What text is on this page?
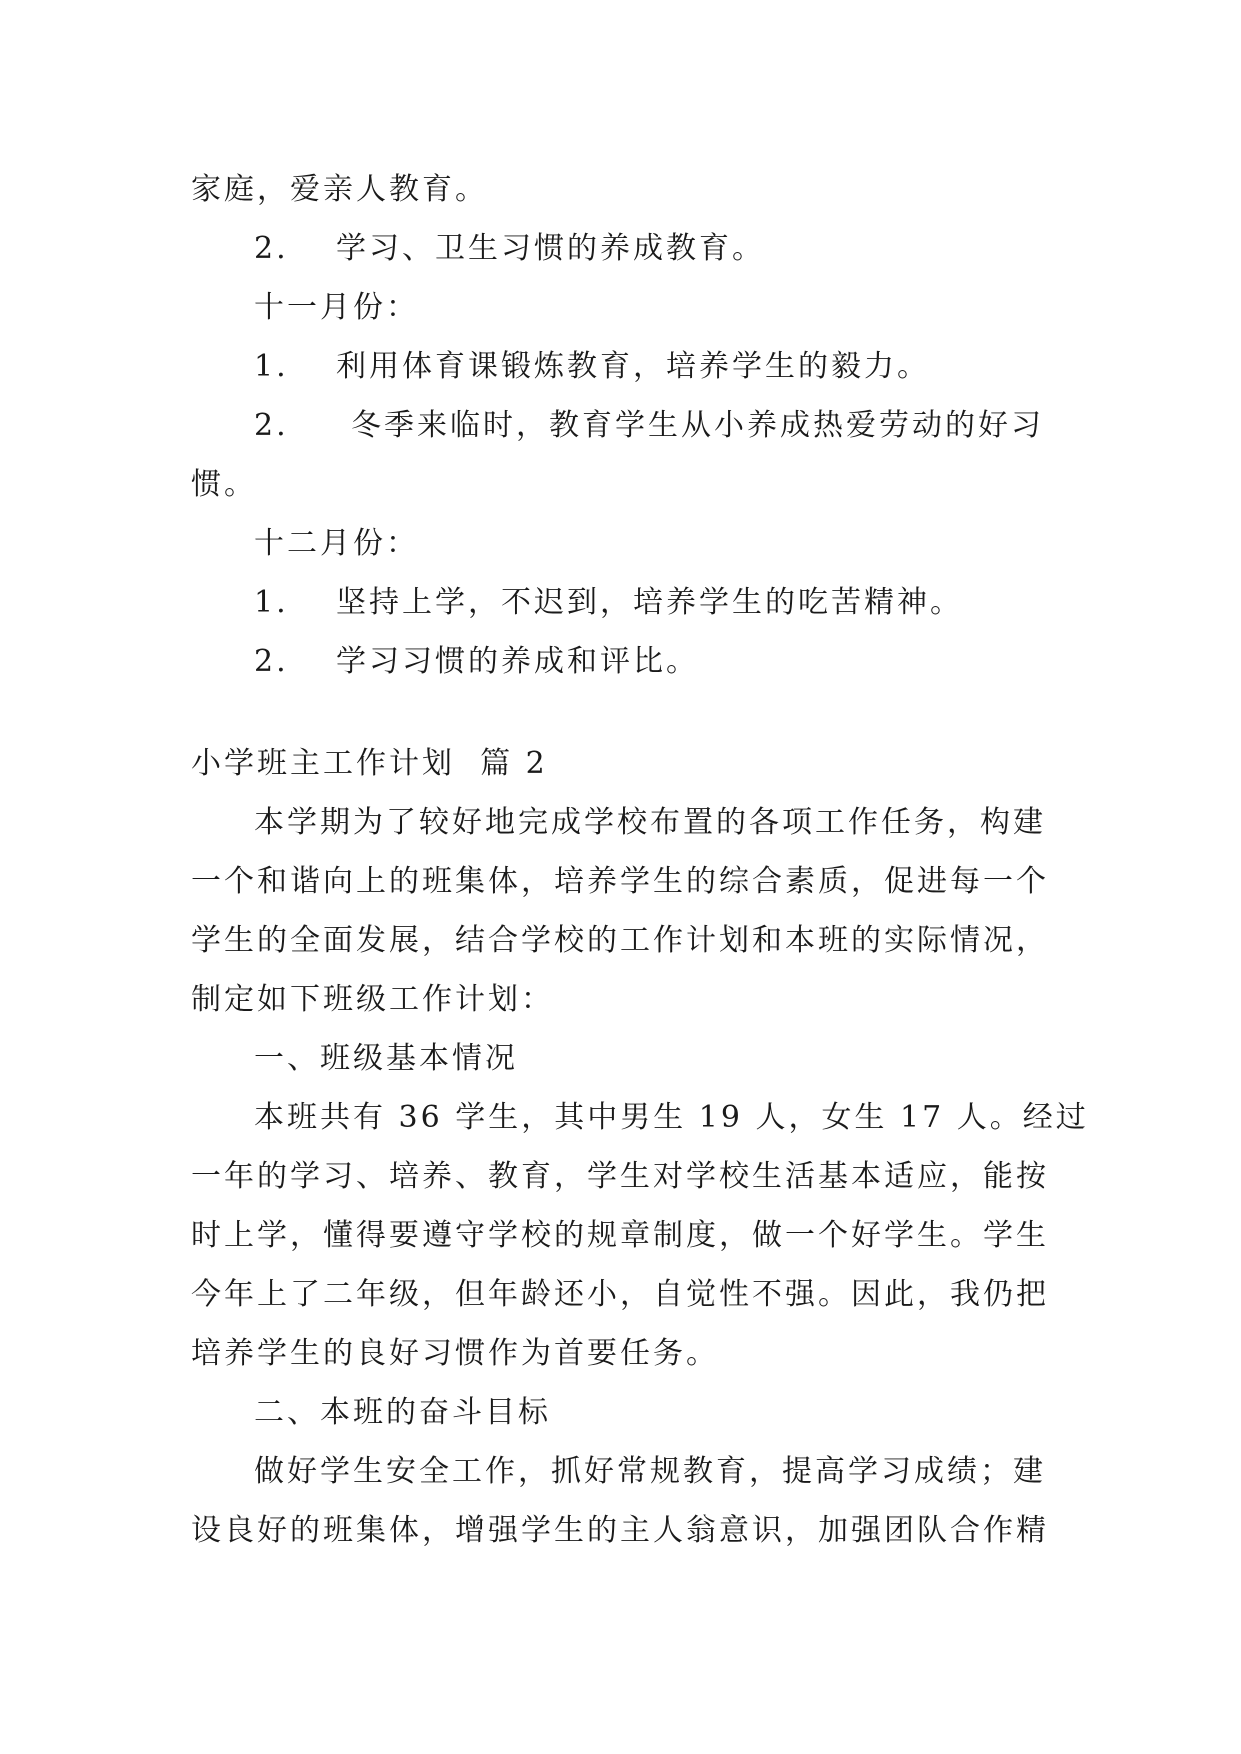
家庭，爱亲人教育。
2. 学习、卫生习惯的养成教育。
十一月份：
1. 利用体育课锻炼教育，培养学生的毅力。
2. 冬季来临时，教育学生从小养成热爱劳动的好习
惯。
十二月份：
1. 坚持上学，不迟到，培养学生的吃苦精神。
2. 学习习惯的养成和评比。
小学班主工作计划  篇 2
本学期为了较好地完成学校布置的各项工作任务，构建
一个和谐向上的班集体，培养学生的综合素质，促进每一个
学生的全面发展，结合学校的工作计划和本班的实际情况，
制定如下班级工作计划：
一、班级基本情况
本班共有 36 学生，其中男生 19 人，女生 17 人。经过
一年的学习、培养、教育，学生对学校生活基本适应，能按
时上学，懂得要遵守学校的规章制度，做一个好学生。学生
今年上了二年级，但年龄还小，自觉性不强。因此，我仍把
培养学生的良好习惯作为首要任务。
二、本班的奋斗目标
做好学生安全工作，抓好常规教育，提高学习成绩；建
设良好的班集体，增强学生的主人翁意识，加强团队合作精
